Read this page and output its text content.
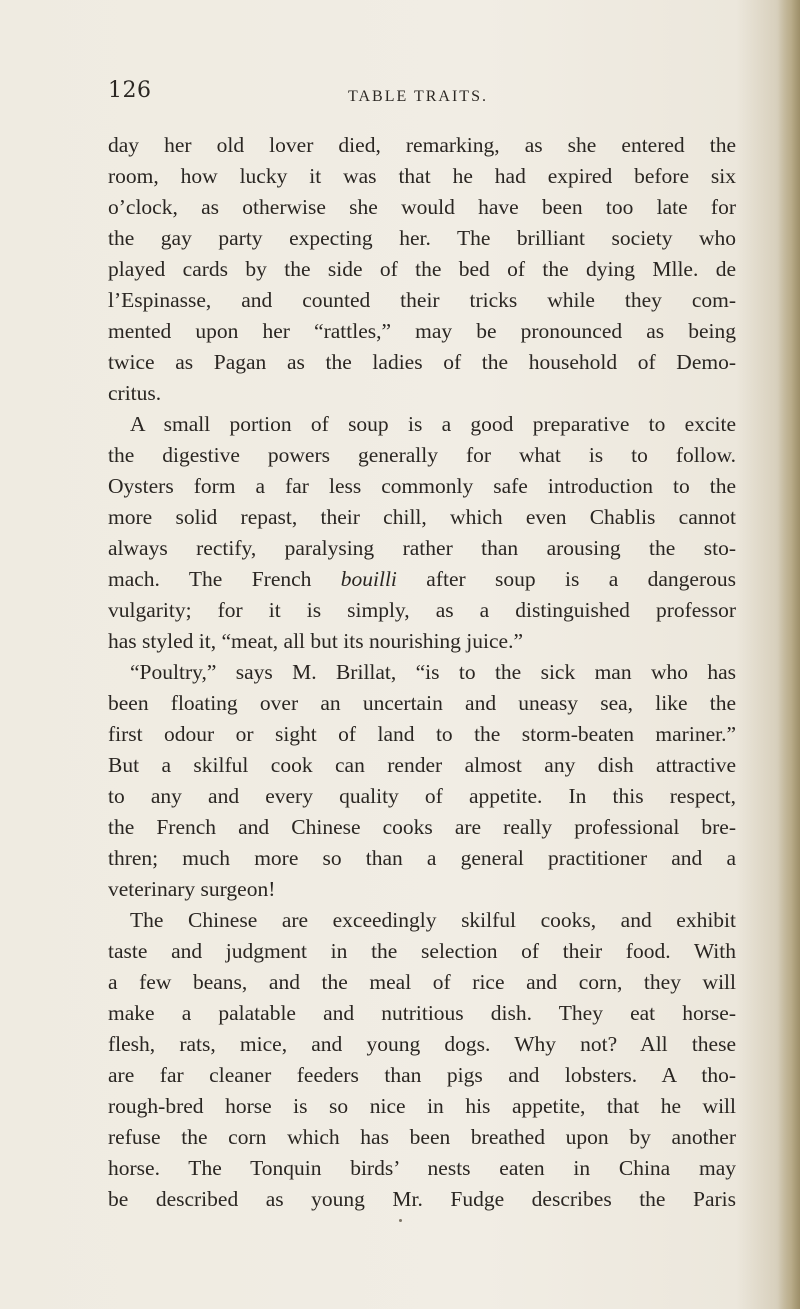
126	TABLE TRAITS.
day her old lover died, remarking, as she entered the
room, how lucky it was that he had expired before six
o’clock, as otherwise she would have been too late for
the gay party expecting her. The brilliant society who
played cards by the side of the bed of the dying Mlle. de
l’Espinasse, and counted their tricks while they com-
mented upon her “rattles,” may be pronounced as being
twice as Pagan as the ladies of the household of Demo-
critus.
A small portion of soup is a good preparative to excite
the digestive powers generally for what is to follow.
Oysters form a far less commonly safe introduction to the
more solid repast, their chill, which even Chablis cannot
always rectify, paralysing rather than arousing the sto-
mach. The French bouilli after soup is a dangerous
vulgarity; for it is simply, as a distinguished professor
has styled it, “meat, all but its nourishing juice.”
“Poultry,” says M. Brillat, “is to the sick man who has
been floating over an uncertain and uneasy sea, like the
first odour or sight of land to the storm-beaten mariner.”
But a skilful cook can render almost any dish attractive
to any and every quality of appetite. In this respect,
the French and Chinese cooks are really professional bre-
thren; much more so than a general practitioner and a
veterinary surgeon!
The Chinese are exceedingly skilful cooks, and exhibit
taste and judgment in the selection of their food. With
a few beans, and the meal of rice and corn, they will
make a palatable and nutritious dish. They eat horse-
flesh, rats, mice, and young dogs. Why not? All these
are far cleaner feeders than pigs and lobsters. A tho-
rough-bred horse is so nice in his appetite, that he will
refuse the corn which has been breathed upon by another
horse. The Tonquin birds’ nests eaten in China may
be described as young Mr. Fudge describes the Paris
